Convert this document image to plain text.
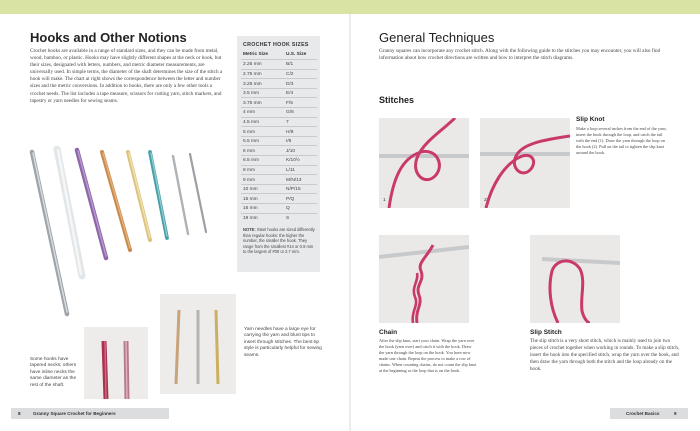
Hooks and Other Notions
Crochet hooks are available in a range of standard sizes, and they can be made from metal, wood, bamboo, or plastic. Hooks may have slightly different shapes at the neck or hook, but their sizes, designated with letters, numbers, and metric diameter measurements, are universally used. In simple terms, the diameter of the shaft determines the size of the stitch a hook will make. The chart at right shows the correspondence between the letter and number sizes and the metric conversions. In addition to hooks, there are only a few other tools a crochet needs. The list includes a tape measure, scissors for cutting yarn, stitch markers, and tapestry or yarn needles for sewing seams.
CROCHET HOOK SIZES
Metric Size	U.S. Size
2.25 mm	B/1
2.75 mm	C/2
3.25 mm	D/3
3.5 mm	E/4
3.75 mm	F/5
4 mm	G/6
4.5 mm	7
5 mm	H/8
5.5 mm	I/9
6 mm	J/10
6.5 mm	K/10½
8 mm	L/11
9 mm	M/N/13
10 mm	N/P/15
15 mm	P/Q
16 mm	Q
19 mm	S
NOTE: Steel hooks are sized differently than regular hooks: the higher the number, the smaller the hook. They range from the smallest #14 or 0.9 mm to the largest of #00 or 2.7 mm.
Some hooks have tapered necks; others have inline necks the same diameter as the rest of the shaft.
Yarn needles have a large eye for carrying the yarn and blunt tips to insert through stitches. The bent-tip style is particularly helpful for sewing seams.
8	Granny Square Crochet for Beginners
General Techniques
Granny squares can incorporate any crochet stitch. Along with the following guide to the stitches you may encounter, you will also find information about how crochet directions are written and how to interpret the stitch diagrams.
Stitches
1	2
Slip Knot
Make a loop several inches from the end of the yarn, insert the hook through the loop, and catch the tail with the end (1). Draw the yarn through the loop on the hook (2). Pull on the tail to tighten the slip knot around the hook.
Chain
After the slip knot, start your chain. Wrap the yarn over the hook (yarn over) and catch it with the hook. Draw the yarn through the loop on the hook. You have now made one chain. Repeat the process to make a row of chains. When counting chains, do not count the slip knot at the beginning or the loop that is on the hook.
Slip Stitch
The slip stitch is a very short stitch, which is mainly used to join two pieces of crochet together when working in rounds. To make a slip stitch, insert the hook into the specified stitch, wrap the yarn over the hook, and then draw the yarn through both the stitch and the loop already on the hook.
Crochet Basics	9
